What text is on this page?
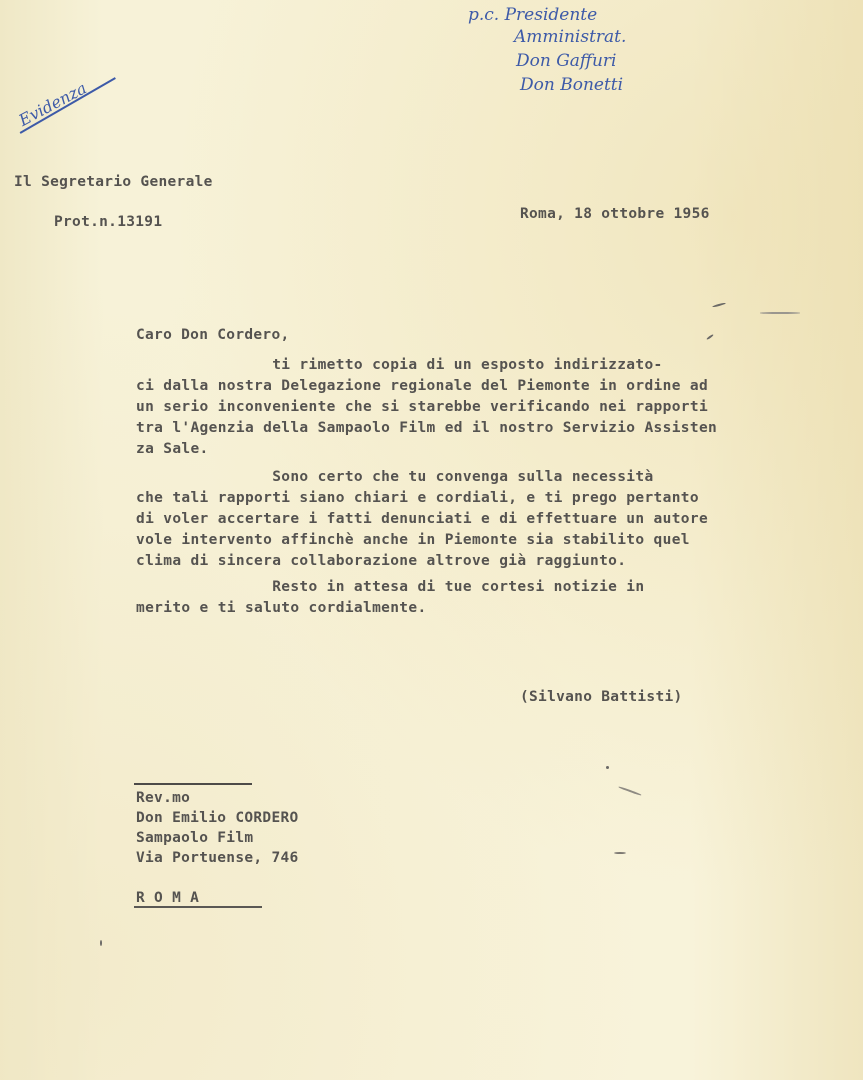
Evidenza
p.c. Presidente
Amministrat.
Don Gaffuri
Don Bonetti
Il Segretario Generale
Prot.n.13191	Roma, 18 ottobre 1956
Caro Don Cordero,
ti rimetto copia di un esposto indirizzato-
ci dalla nostra Delegazione regionale del Piemonte in ordine ad
un serio inconveniente che si starebbe verificando nei rapporti
tra l'Agenzia della Sampaolo Film ed il nostro Servizio Assisten
za Sale.
Sono certo che tu convenga sulla necessità
che tali rapporti siano chiari e cordiali, e ti prego pertanto
di voler accertare i fatti denunciati e di effettuare un autore
vole intervento affinchè anche in Piemonte sia stabilito quel
clima di sincera collaborazione altrove già raggiunto.
Resto in attesa di tue cortesi notizie in
merito e ti saluto cordialmente.
(Silvano Battisti)
Rev.mo
Don Emilio CORDERO
Sampaolo Film
Via Portuense, 746
R O M A
